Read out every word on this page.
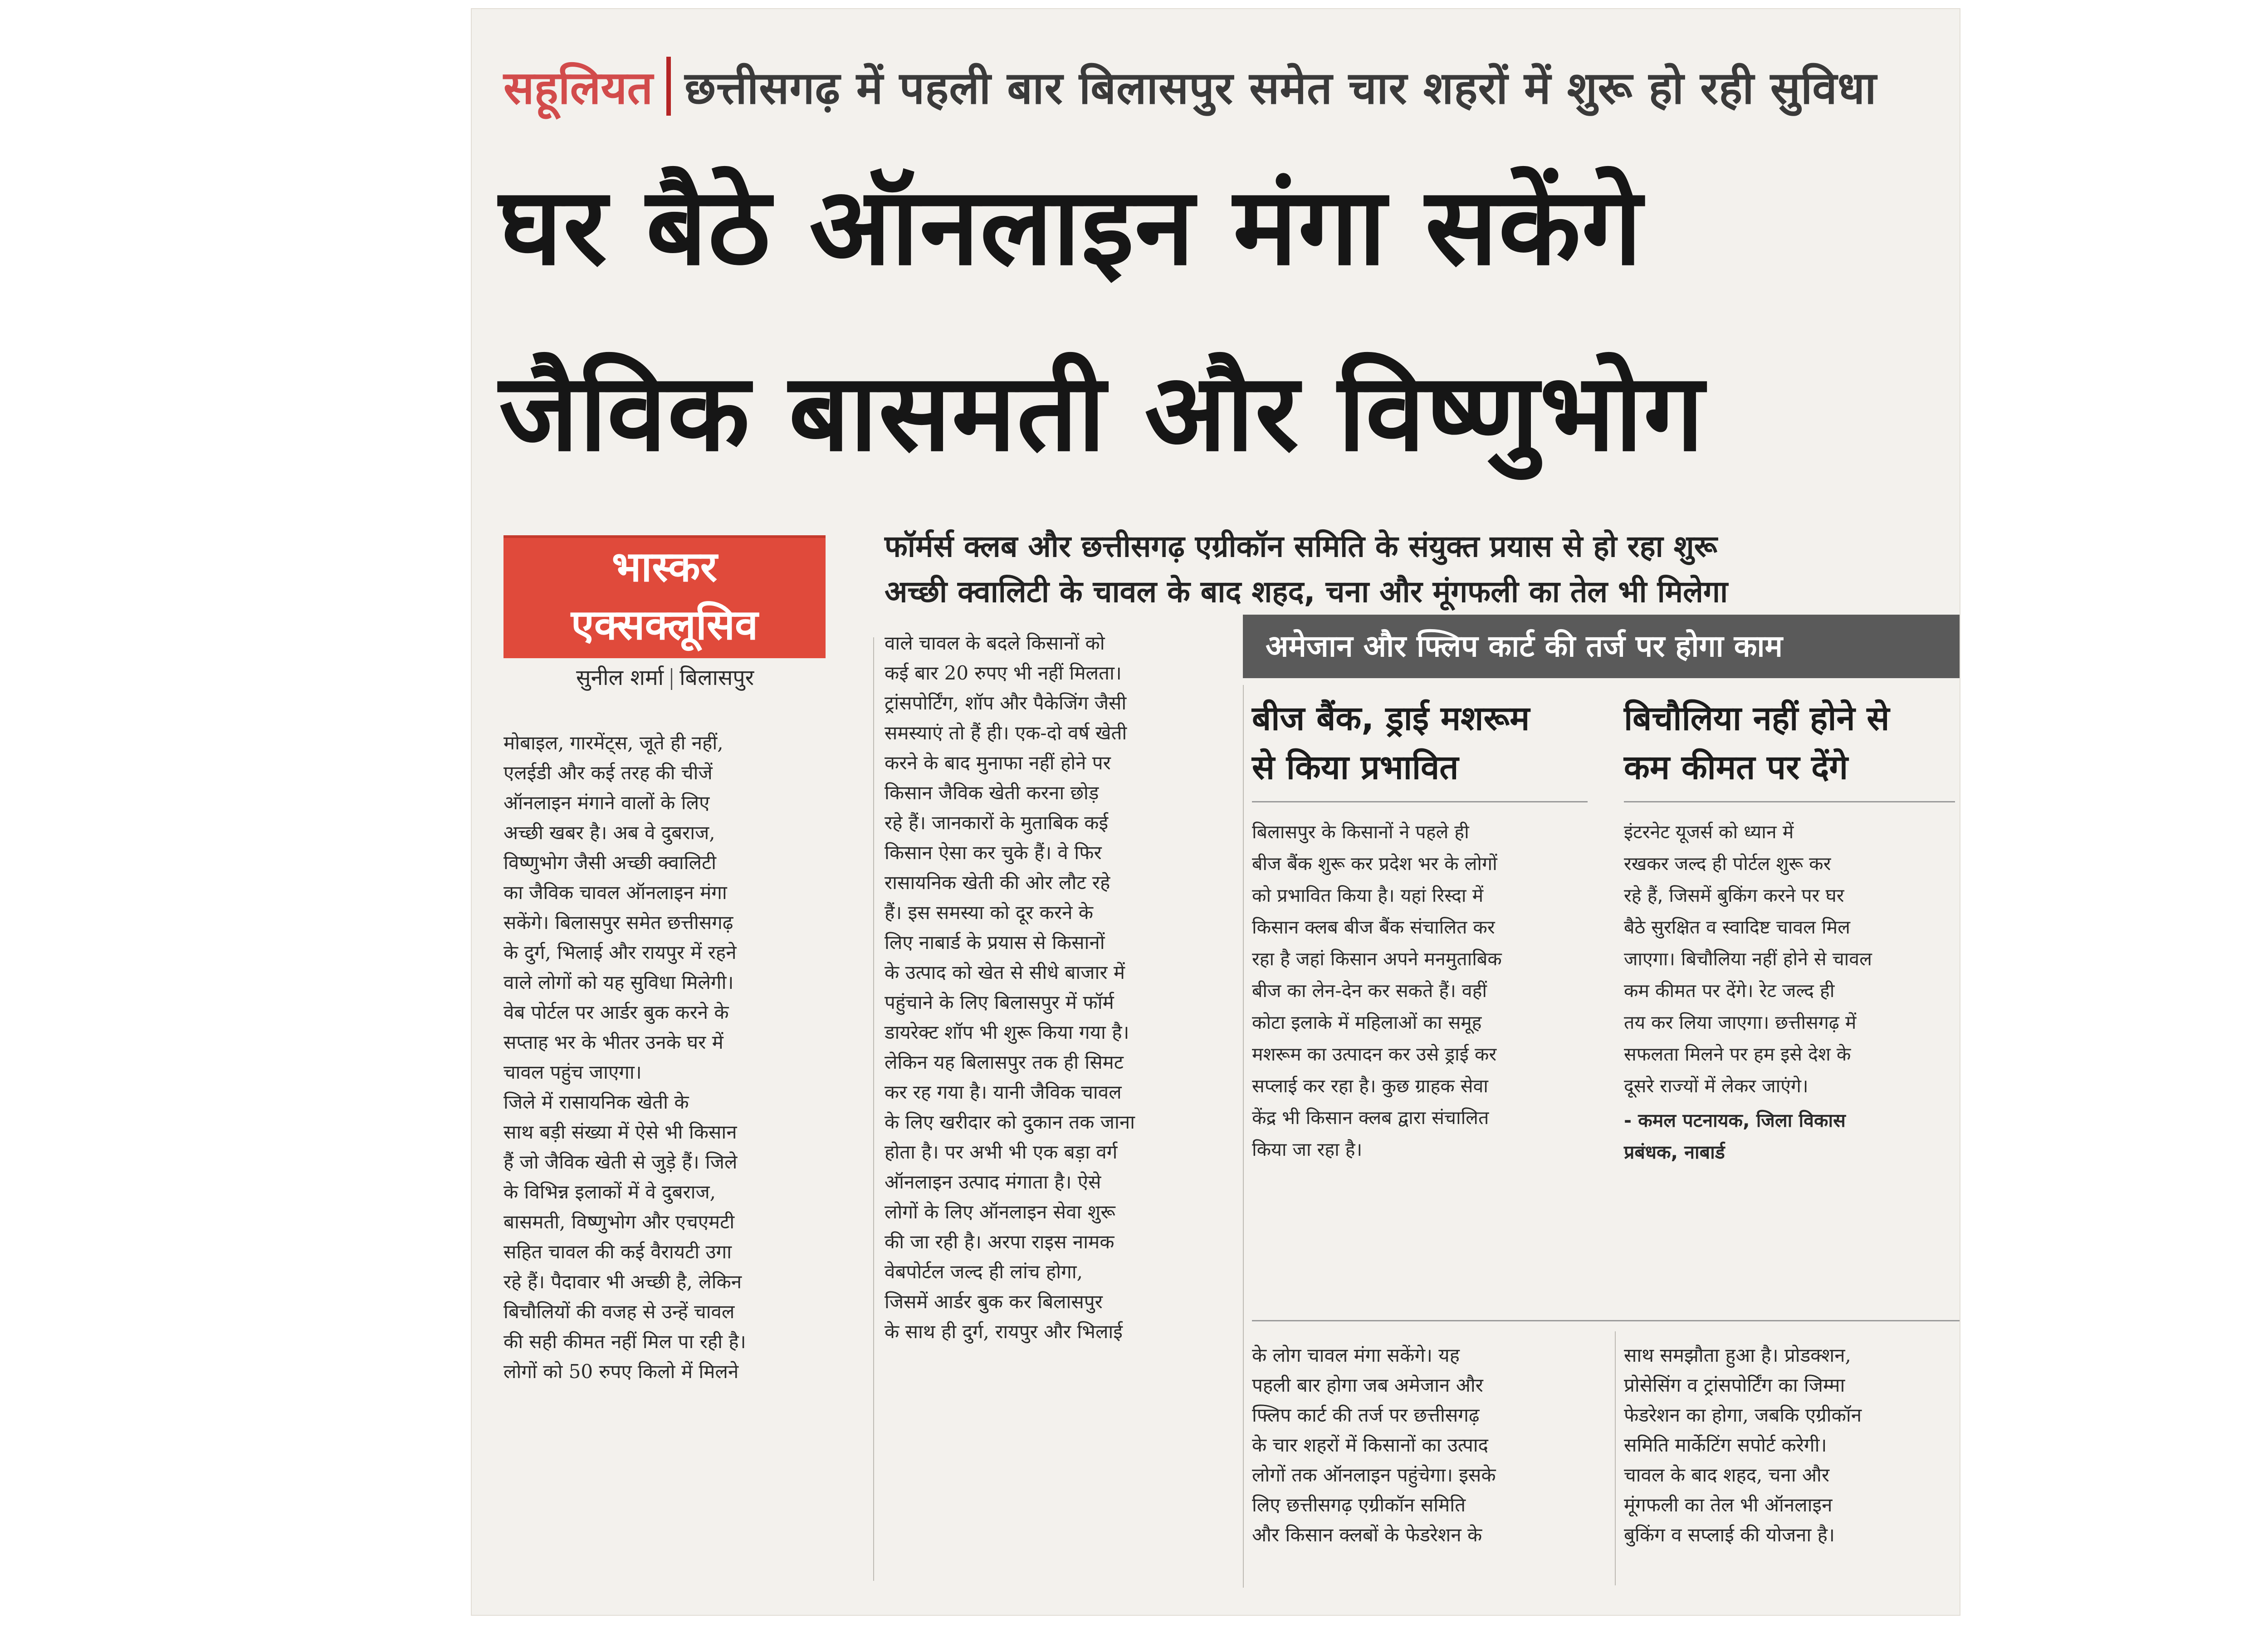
सहूलियत छत्तीसगढ़ में पहली बार बिलासपुर समेत चार शहरों में शुरू हो रही सुविधा
घर बैठे ऑनलाइन मंगा सकेंगे
जैविक बासमती और विष्णुभोग
भास्कर
एक्सक्लूसिव
सुनील शर्मा बिलासपुर
फॉर्मर्स क्लब और छत्तीसगढ़ एग्रीकॉन समिति के संयुक्त प्रयास से हो रहा शुरू
अच्छी क्वालिटी के चावल के बाद शहद, चना और मूंगफली का तेल भी मिलेगा
अमेजान और फ्लिप कार्ट की तर्ज पर होगा काम

मोबाइल, गारमेंट्स, जूते ही नहीं,

एलईडी और कई तरह की चीजें

ऑनलाइन मंगाने वालों के लिए

अच्छी खबर है। अब वे दुबराज,

विष्णुभोग जैसी अच्छी क्वालिटी

का जैविक चावल ऑनलाइन मंगा

सकेंगे। बिलासपुर समेत छत्तीसगढ़

के दुर्ग, भिलाई और रायपुर में रहने

वाले लोगों को यह सुविधा मिलेगी।

वेब पोर्टल पर आर्डर बुक करने के

सप्ताह भर के भीतर उनके घर में

चावल पहुंच जाएगा।

जिले में रासायनिक खेती के

साथ बड़ी संख्या में ऐसे भी किसान

हैं जो जैविक खेती से जुड़े हैं। जिले

के विभिन्न इलाकों में वे दुबराज,

बासमती, विष्णुभोग और एचएमटी

सहित चावल की कई वैरायटी उगा

रहे हैं। पैदावार भी अच्छी है, लेकिन

बिचौलियों की वजह से उन्हें चावल

की सही कीमत नहीं मिल पा रही है।

लोगों को 50 रुपए किलो में मिलने

वाले चावल के बदले किसानों को

कई बार 20 रुपए भी नहीं मिलता।

ट्रांसपोर्टिंग, शॉप और पैकेजिंग जैसी

समस्याएं तो हैं ही। एक-दो वर्ष खेती

करने के बाद मुनाफा नहीं होने पर

किसान जैविक खेती करना छोड़

रहे हैं। जानकारों के मुताबिक कई

किसान ऐसा कर चुके हैं। वे फिर

रासायनिक खेती की ओर लौट रहे

हैं। इस समस्या को दूर करने के

लिए नाबार्ड के प्रयास से किसानों

के उत्पाद को खेत से सीधे बाजार में

पहुंचाने के लिए बिलासपुर में फॉर्म

डायरेक्ट शॉप भी शुरू किया गया है।

लेकिन यह बिलासपुर तक ही सिमट

कर रह गया है। यानी जैविक चावल

के लिए खरीदार को दुकान तक जाना

होता है। पर अभी भी एक बड़ा वर्ग

ऑनलाइन उत्पाद मंगाता है। ऐसे

लोगों के लिए ऑनलाइन सेवा शुरू

की जा रही है। अरपा राइस नामक

वेबपोर्टल जल्द ही लांच होगा,

जिसमें आर्डर बुक कर बिलासपुर

के साथ ही दुर्ग, रायपुर और भिलाई

बीज बैंक, ड्राई मशरूम
से किया प्रभावित

बिलासपुर के किसानों ने पहले ही

बीज बैंक शुरू कर प्रदेश भर के लोगों

को प्रभावित किया है। यहां रिस्दा में

किसान क्लब बीज बैंक संचालित कर

रहा है जहां किसान अपने मनमुताबिक

बीज का लेन-देन कर सकते हैं। वहीं

कोटा इलाके में महिलाओं का समूह

मशरूम का उत्पादन कर उसे ड्राई कर

सप्लाई कर रहा है। कुछ ग्राहक सेवा

केंद्र भी किसान क्लब द्वारा संचालित

किया जा रहा है।

बिचौलिया नहीं होने से
कम कीमत पर देंगे

इंटरनेट यूजर्स को ध्यान में

रखकर जल्द ही पोर्टल शुरू कर

रहे हैं, जिसमें बुकिंग करने पर घर

बैठे सुरक्षित व स्वादिष्ट चावल मिल

जाएगा। बिचौलिया नहीं होने से चावल

कम कीमत पर देंगे। रेट जल्द ही

तय कर लिया जाएगा। छत्तीसगढ़ में

सफलता मिलने पर हम इसे देश के

दूसरे राज्यों में लेकर जाएंगे।

- कमल पटनायक, जिला विकास
प्रबंधक, नाबार्ड

के लोग चावल मंगा सकेंगे। यह

पहली बार होगा जब अमेजान और

फ्लिप कार्ट की तर्ज पर छत्तीसगढ़

के चार शहरों में किसानों का उत्पाद

लोगों तक ऑनलाइन पहुंचेगा। इसके

लिए छत्तीसगढ़ एग्रीकॉन समिति

और किसान क्लबों के फेडरेशन के

साथ समझौता हुआ है। प्रोडक्शन,

प्रोसेसिंग व ट्रांसपोर्टिंग का जिम्मा

फेडरेशन का होगा, जबकि एग्रीकॉन

समिति मार्केटिंग सपोर्ट करेगी।

चावल के बाद शहद, चना और

मूंगफली का तेल भी ऑनलाइन

बुकिंग व सप्लाई की योजना है।
